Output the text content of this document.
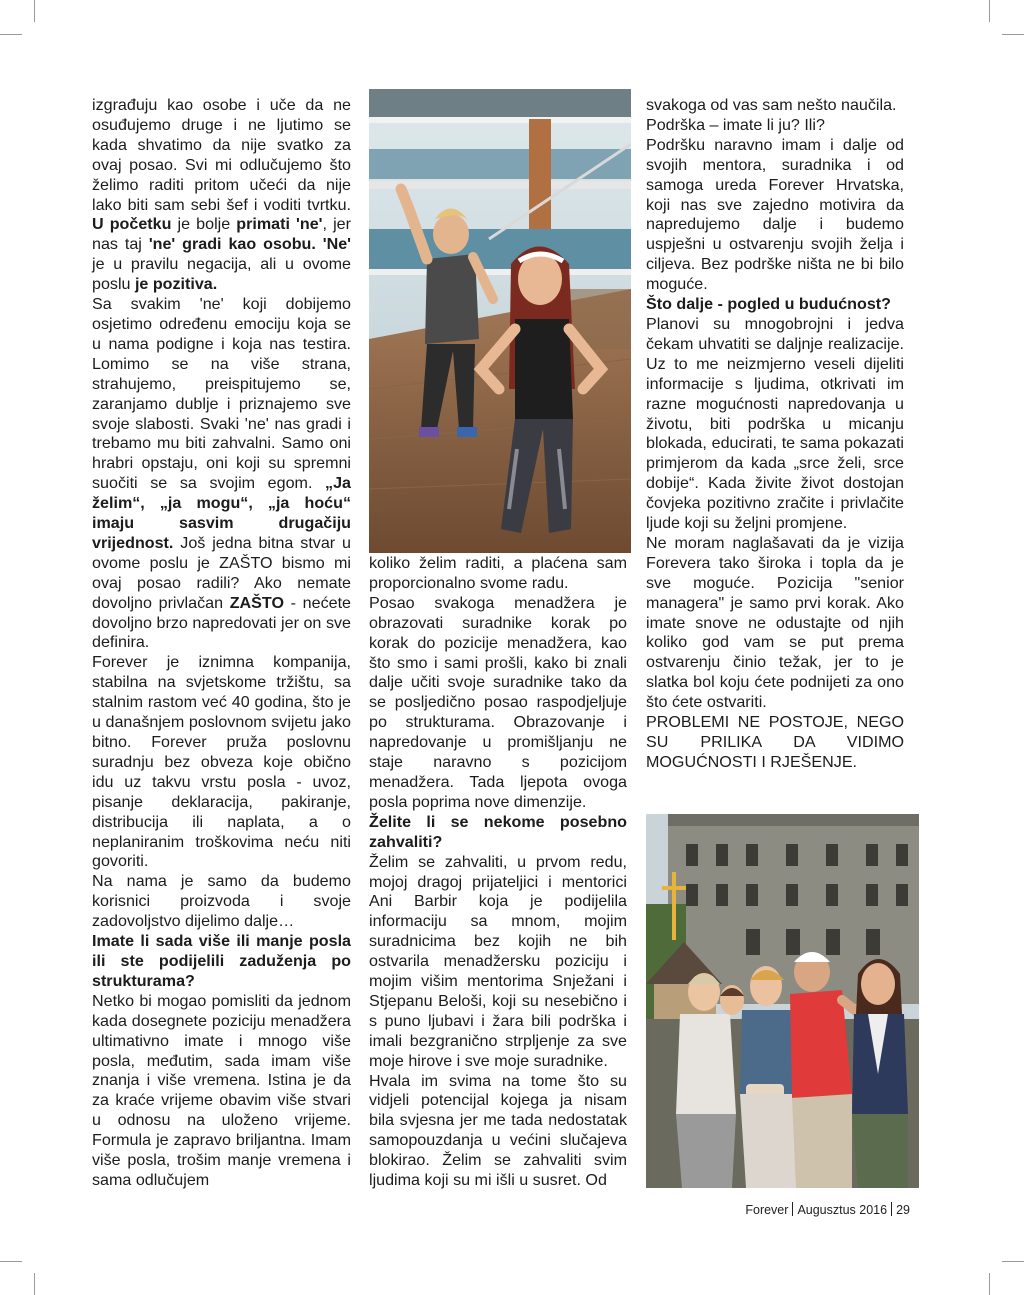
izgrađuju kao osobe i uče da ne osuđujemo druge i ne ljutimo se kada shvatimo da nije svatko za ovaj posao. Svi mi odlučujemo što želimo raditi pritom učeći da nije lako biti sam sebi šef i voditi tvrtku. U početku je bolje primati 'ne', jer nas taj 'ne' gradi kao osobu. 'Ne' je u pravilu negacija, ali u ovome poslu je pozitiva.

Sa svakim 'ne' koji dobijemo osjetimo određenu emociju koja se u nama podigne i koja nas testira. Lomimo se na više strana, strahujemo, preispitujemo se, zaranjamo dublje i priznajemo sve svoje slabosti. Svaki 'ne' nas gradi i trebamo mu biti zahvalni. Samo oni hrabri opstaju, oni koji su spremni suočiti se sa svojim egom. „Ja želim“, „ja mogu“, „ja hoću“ imaju sasvim drugačiju vrijednost. Još jedna bitna stvar u ovome poslu je ZAŠTO bismo mi ovaj posao radili? Ako nemate dovoljno privlačan ZAŠTO - nećete dovoljno brzo napredovati jer on sve definira.

Forever je iznimna kompanija, stabilna na svjetskome tržištu, sa stalnim rastom već 40 godina, što je u današnjem poslovnom svijetu jako bitno. Forever pruža poslovnu suradnju bez obveza koje obično idu uz takvu vrstu posla - uvoz, pisanje deklaracija, pakiranje, distribucija ili naplata, a o neplaniranim troškovima neću niti govoriti.

Na nama je samo da budemo korisnici proizvoda i svoje zadovoljstvo dijelimo dalje…

Imate li sada više ili manje posla ili ste podijelili zaduženja po strukturama?

Netko bi mogao pomisliti da jednom kada dosegnete poziciju menadžera ultimativno imate i mnogo više posla, međutim, sada imam više znanja i više vremena. Istina je da za kraće vrijeme obavim više stvari u odnosu na uloženo vrijeme. Formula je zapravo briljantna. Imam više posla, trošim manje vremena i sama odlučujem

koliko želim raditi, a plaćena sam proporcionalno svome radu.

Posao svakoga menadžera je obrazovati suradnike korak po korak do pozicije menadžera, kao što smo i sami prošli, kako bi znali dalje učiti svoje suradnike tako da se posljedično posao raspodjeljuje po strukturama. Obrazovanje i napredovanje u promišljanju ne staje naravno s pozicijom menadžera. Tada ljepota ovoga posla poprima nove dimenzije.

Želite li se nekome posebno zahvaliti?

Želim se zahvaliti, u prvom redu, mojoj dragoj prijateljici i mentorici Ani Barbir koja je podijelila informaciju sa mnom, mojim suradnicima bez kojih ne bih ostvarila menadžersku poziciju i mojim višim mentorima Snježani i Stjepanu Beloši, koji su nesebično i s puno ljubavi i žara bili podrška i imali bezgranično strpljenje za sve moje hirove i sve moje suradnike.

Hvala im svima na tome što su vidjeli potencijal kojega ja nisam bila svjesna jer me tada nedostatak samopouzdanja u većini slučajeva blokirao. Želim se zahvaliti svim ljudima koji su mi išli u susret. Od

svakoga od vas sam nešto naučila.

Podrška – imate li ju? Ili?

Podršku naravno imam i dalje od svojih mentora, suradnika i od samoga ureda Forever Hrvatska, koji nas sve zajedno motivira da napredujemo dalje i budemo uspješni u ostvarenju svojih želja i ciljeva. Bez podrške ništa ne bi bilo moguće.

Što dalje - pogled u budućnost?

Planovi su mnogobrojni i jedva čekam uhvatiti se daljnje realizacije. Uz to me neizmjerno veseli dijeliti informacije s ljudima, otkrivati im razne mogućnosti napredovanja u životu, biti podrška u micanju blokada, educirati, te sama pokazati primjerom da kada „srce želi, srce dobije“. Kada živite život dostojan čovjeka pozitivno zračite i privlačite ljude koji su željni promjene.

Ne moram naglašavati da je vizija Forevera tako široka i topla da je sve moguće. Pozicija "senior managera" je samo prvi korak. Ako imate snove ne odustajte od njih koliko god vam se put prema ostvarenju činio težak, jer to je slatka bol koju ćete podnijeti za ono što ćete ostvariti.

PROBLEMI NE POSTOJE, NEGO SU PRILIKA DA VIDIMO MOGUĆNOSTI I RJEŠENJE.

Forever Augusztus 2016 29
